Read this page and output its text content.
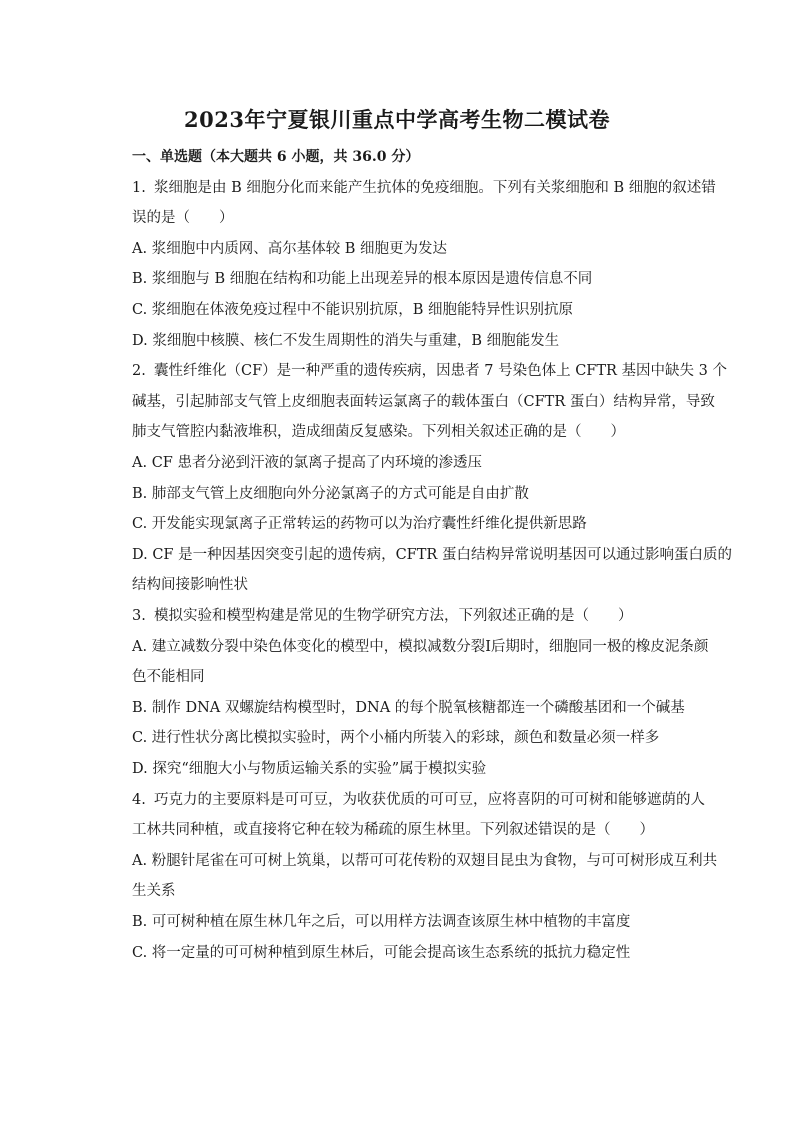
2023年宁夏银川重点中学高考生物二模试卷
一、单选题（本大题共 6 小题，共 36.0 分）
1. 浆细胞是由 B 细胞分化而来能产生抗体的免疫细胞。下列有关浆细胞和 B 细胞的叙述错
误的是（　　）
A. 浆细胞中内质网、高尔基体较 B 细胞更为发达
B. 浆细胞与 B 细胞在结构和功能上出现差异的根本原因是遗传信息不同
C. 浆细胞在体液免疫过程中不能识别抗原，B 细胞能特异性识别抗原
D. 浆细胞中核膜、核仁不发生周期性的消失与重建，B 细胞能发生
2. 囊性纤维化（CF）是一种严重的遗传疾病，因患者 7 号染色体上 CFTR 基因中缺失 3 个
碱基，引起肺部支气管上皮细胞表面转运氯离子的载体蛋白（CFTR 蛋白）结构异常，导致
肺支气管腔内黏液堆积，造成细菌反复感染。下列相关叙述正确的是（　　）
A. CF 患者分泌到汗液的氯离子提高了内环境的渗透压
B. 肺部支气管上皮细胞向外分泌氯离子的方式可能是自由扩散
C. 开发能实现氯离子正常转运的药物可以为治疗囊性纤维化提供新思路
D. CF 是一种因基因突变引起的遗传病，CFTR 蛋白结构异常说明基因可以通过影响蛋白质的
结构间接影响性状
3. 模拟实验和模型构建是常见的生物学研究方法，下列叙述正确的是（　　）
A. 建立减数分裂中染色体变化的模型中，模拟减数分裂Ⅰ后期时，细胞同一极的橡皮泥条颜
色不能相同
B. 制作 DNA 双螺旋结构模型时，DNA 的每个脱氧核糖都连一个磷酸基团和一个碱基
C. 进行性状分离比模拟实验时，两个小桶内所装入的彩球，颜色和数量必须一样多
D. 探究“细胞大小与物质运输关系的实验”属于模拟实验
4. 巧克力的主要原料是可可豆，为收获优质的可可豆，应将喜阴的可可树和能够遮荫的人
工林共同种植，或直接将它种在较为稀疏的原生林里。下列叙述错误的是（　　）
A. 粉腿针尾雀在可可树上筑巢，以帮可可花传粉的双翅目昆虫为食物，与可可树形成互利共
生关系
B. 可可树种植在原生林几年之后，可以用样方法调查该原生林中植物的丰富度
C. 将一定量的可可树种植到原生林后，可能会提高该生态系统的抵抗力稳定性
